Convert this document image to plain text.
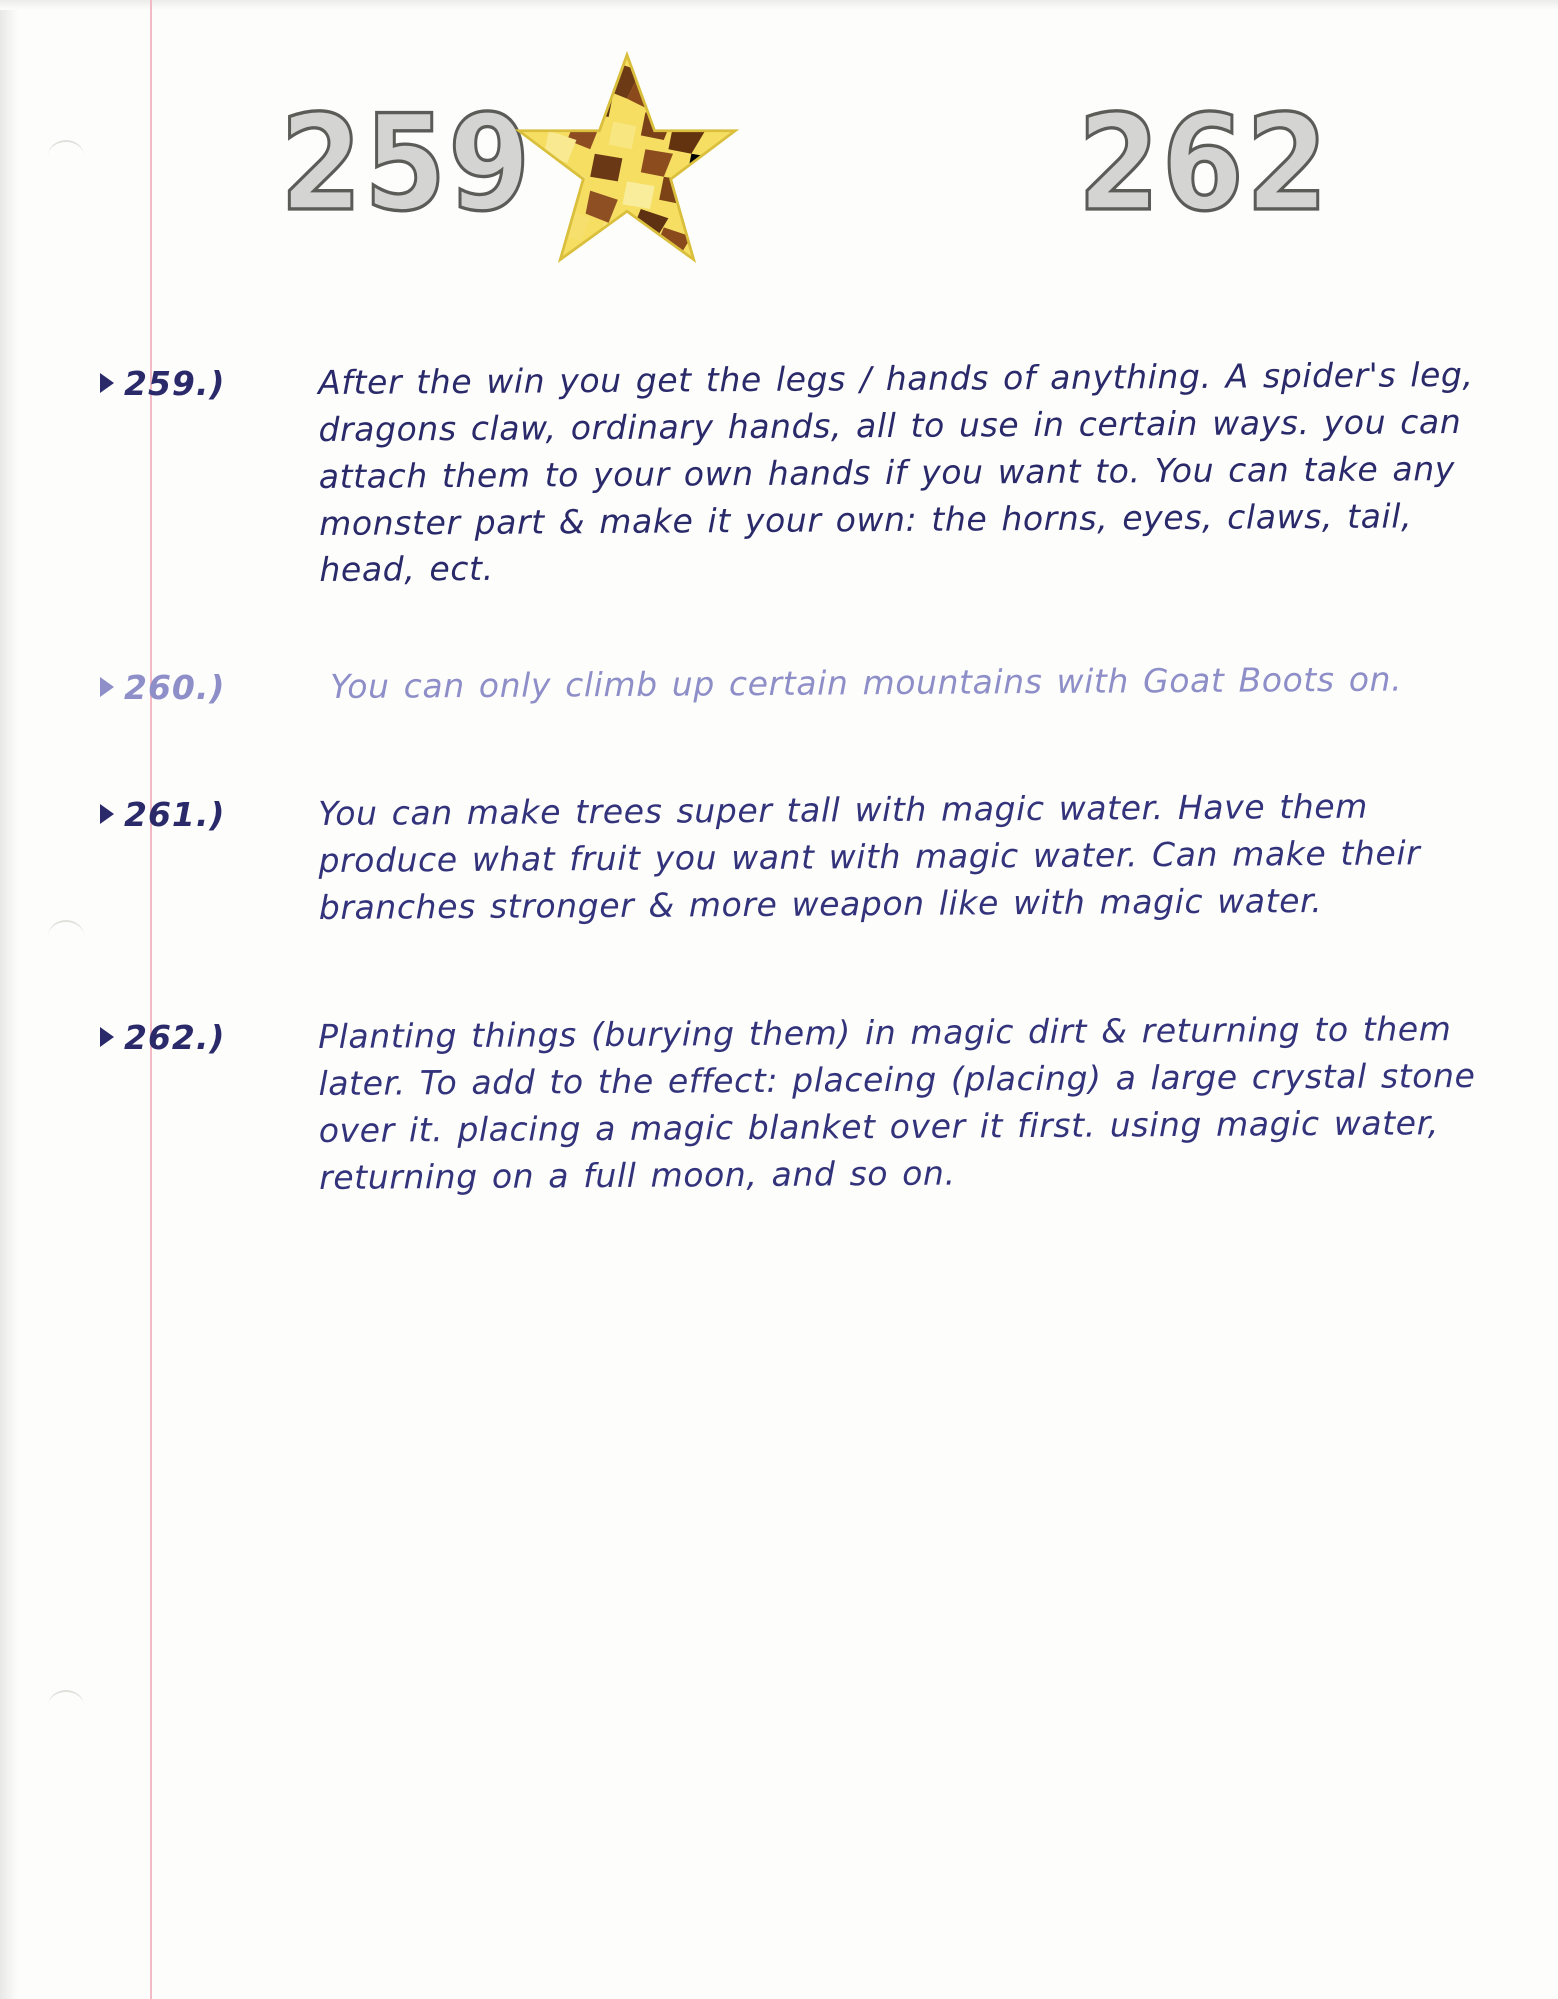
259	262
259.)	After the win you get the legs / hands of anything. A spider's leg, dragons claw, ordinary hands, all to use in certain ways. you can attach them to your own hands if you want to. You can take any monster part & make it your own: the horns, eyes, claws, tail, head, ect.
260.)	You can only climb up certain mountains with Goat Boots on.
261.)	You can make trees super tall with magic water. Have them produce what fruit you want with magic water. Can make their branches stronger & more weapon like with magic water.
262.)	Planting things (burying them) in magic dirt & returning to them later. To add to the effect: placeing (placing) a large crystal stone over it. placing a magic blanket over it first. using magic water, returning on a full moon, and so on.
